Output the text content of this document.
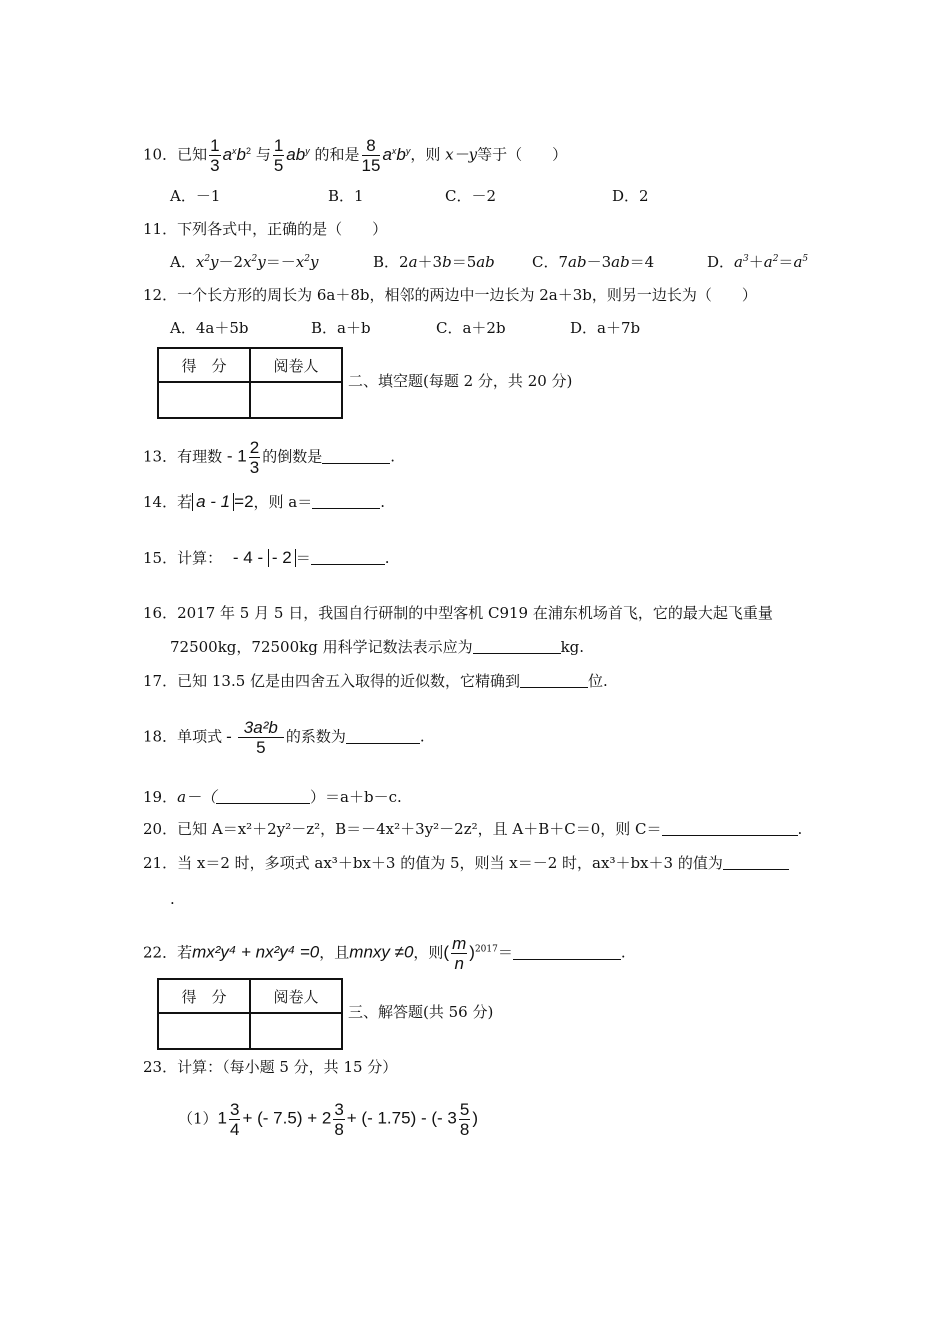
10．已知 $\frac{1}{3} a^xb^2$ 与 $\frac{1}{5} ab^y$ 的和是 $\frac{8}{15} a^xb^y$，则 x－y等于（　　）
A．－1	B．1	C．－2	D．2
11．下列各式中，正确的是（　　）
A．$x^2y-2x^2y=-x^2y$	B．2a＋3b＝5ab C．7ab－3ab＝4	D．$a^3+a^2=a^5$
12．一个长方形的周长为 6a＋8b，相邻的两边中一边长为 2a＋3b，则另一边长为（　　）
A．4a＋5b	B．a＋b	C．a＋2b	D．a＋7b
得　分	阅卷人

二、填空题(每题 2 分，共 20 分)
13．有理数 - $1 \frac{2}{3}$ 的倒数是	.
14．若 a - 1 =2，则 a＝	.
15．计算： - 4 - - 2 ＝	.
16．2017 年 5 月 5 日，我国自行研制的中型客机 C919 在浦东机场首飞，它的最大起飞重量
72500kg，72500kg 用科学记数法表示应为	kg.
17．已知 13.5 亿是由四舍五入取得的近似数，它精确到	位.
18．单项式 - $\frac{\text{3a²b}}{5}$ 的系数为	.
19．a－（	）＝a＋b－c.
20．已知 A＝x²＋2y²－z²，B＝－4x²＋3y²－2z²，且 A＋B＋C＝0，则 C＝	.
21．当 x＝2 时，多项式 ax³＋bx＋3 的值为 5，则当 x＝－2 时，ax³＋bx＋3 的值为
.
22．若mx²y⁴ + nx²y⁴ =0，且mnxy ≠0，则( $\frac{m}{n} )^{2017}=$	.
得　分	阅卷人

三、解答题(共 56 分)
23．计算：（每小题 5 分，共 15 分）
$(1)1 \frac{3}{4}$ + (- $7.5) + 2 \frac{3}{8}$ + (- 1.75) - (- $3 \frac{5}{8}$ )
